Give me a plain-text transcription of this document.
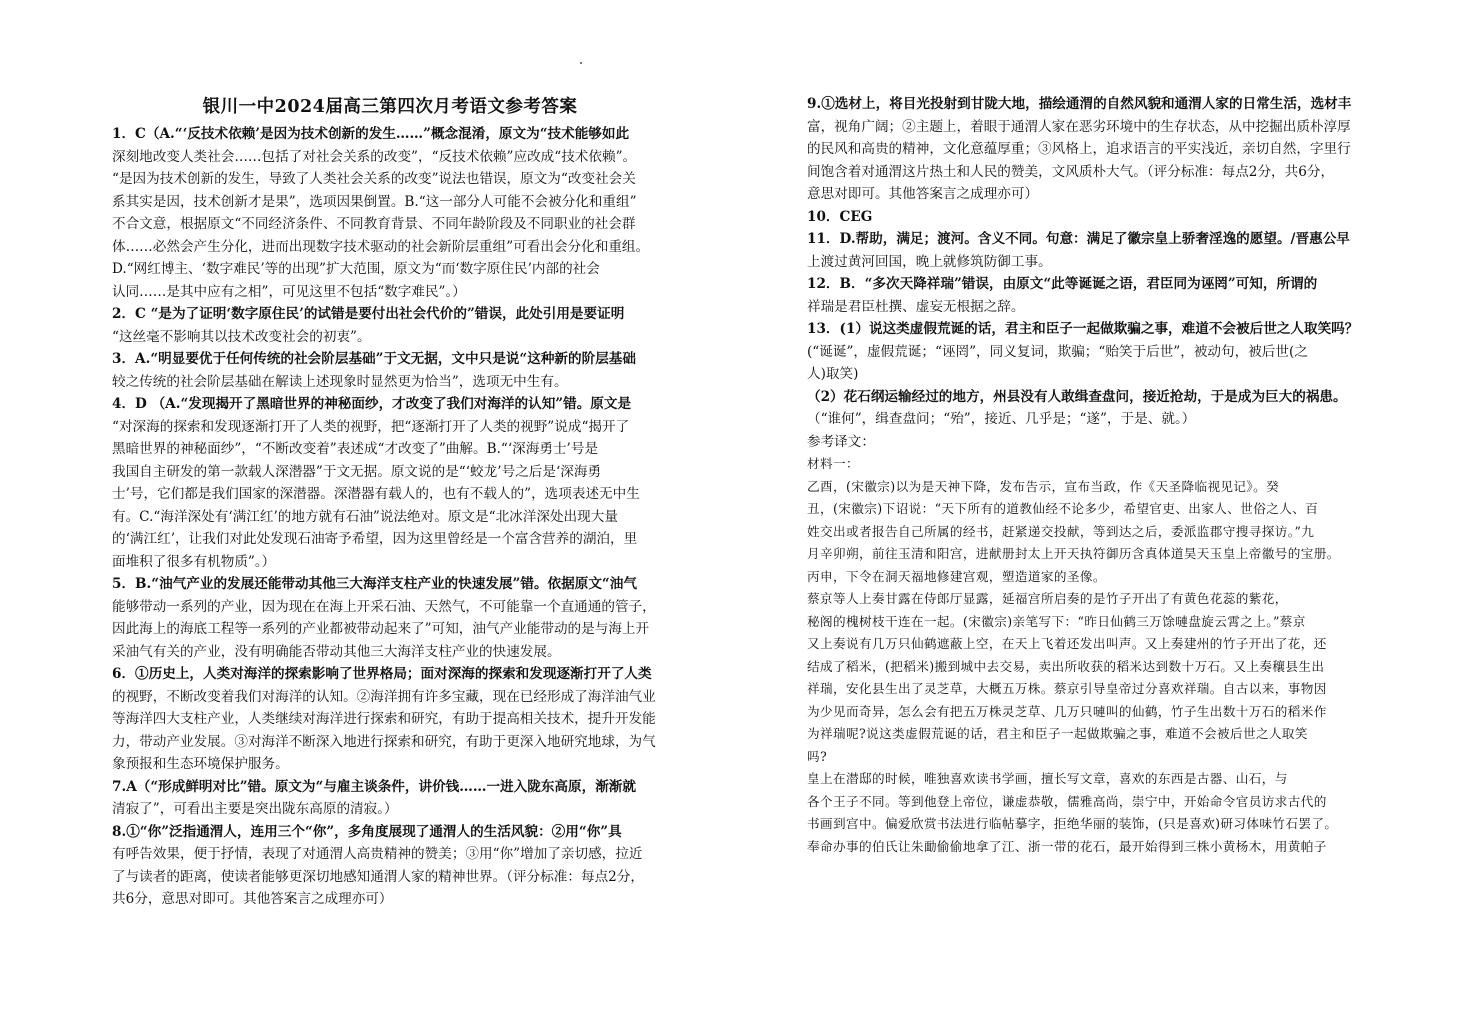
银川一中2024届高三第四次月考语文参考答案
1．C（A.“‘反技术依赖’是因为技术创新的发生……”概念混淆，原文为“技术能够如此
深刻地改变人类社会……包括了对社会关系的改变”，“反技术依赖”应改成“技术依赖”。
“是因为技术创新的发生，导致了人类社会关系的改变”说法也错误，原文为“改变社会关
系其实是因，技术创新才是果”，选项因果倒置。B.“这一部分人可能不会被分化和重组”
不合文意，根据原文“不同经济条件、不同教育背景、不同年龄阶段及不同职业的社会群
体……必然会产生分化，进而出现数字技术驱动的社会新阶层重组”可看出会分化和重组。
D.“网红博主、‘数字难民’等的出现”扩大范围，原文为“而‘数字原住民’内部的社会
认同……是其中应有之相”，可见这里不包括“数字难民”。）
2．C “是为了证明‘数字原住民’的试错是要付出社会代价的”错误，此处引用是要证明
“这丝毫不影响其以技术改变社会的初衷”。
3．A.“明显要优于任何传统的社会阶层基础”于文无据，文中只是说“这种新的阶层基础
较之传统的社会阶层基础在解读上述现象时显然更为恰当”，选项无中生有。
4．D （A.“发现揭开了黑暗世界的神秘面纱，才改变了我们对海洋的认知”错。原文是
“对深海的探索和发现逐渐打开了人类的视野，把“逐渐打开了人类的视野”说成“揭开了
黑暗世界的神秘面纱”，“不断改变着”表述成“才改变了”曲解。B.“‘深海勇士’号是
我国自主研发的第一款载人深潜器”于文无据。原文说的是“‘蛟龙’号之后是‘深海勇
士’号，它们都是我们国家的深潜器。深潜器有载人的，也有不载人的”，选项表述无中生
有。C.“海洋深处有‘满江红’的地方就有石油”说法绝对。原文是“北冰洋深处出现大量
的‘满江红’，让我们对此处发现石油寄予希望，因为这里曾经是一个富含营养的湖泊，里
面堆积了很多有机物质”。）
5．B.“油气产业的发展还能带动其他三大海洋支柱产业的快速发展”错。依据原文“油气
能够带动一系列的产业，因为现在在海上开采石油、天然气，不可能靠一个直通通的管子，
因此海上的海底工程等一系列的产业都被带动起来了”可知，油气产业能带动的是与海上开
采油气有关的产业，没有明确能否带动其他三大海洋支柱产业的快速发展。
6．①历史上，人类对海洋的探索影响了世界格局；面对深海的探索和发现逐渐打开了人类
的视野，不断改变着我们对海洋的认知。②海洋拥有许多宝藏，现在已经形成了海洋油气业
等海洋四大支柱产业，人类继续对海洋进行探索和研究，有助于提高相关技术，提升开发能
力，带动产业发展。③对海洋不断深入地进行探索和研究，有助于更深入地研究地球，为气
象预报和生态环境保护服务。
7.A（“形成鲜明对比”错。原文为“与雇主谈条件，讲价钱……一进入陇东高原，渐渐就
清寂了”，可看出主要是突出陇东高原的清寂。）
8.①“你”泛指通渭人，连用三个“你”，多角度展现了通渭人的生活风貌：②用“你”具
有呼告效果，便于抒情，表现了对通渭人高贵精神的赞美；③用“你”增加了亲切感，拉近
了与读者的距离，使读者能够更深切地感知通渭人家的精神世界。（评分标准：每点2分，
共6分，意思对即可。其他答案言之成理亦可）
9.①选材上，将目光投射到甘陇大地，描绘通渭的自然风貌和通渭人家的日常生活，选材丰
富，视角广阔；②主题上，着眼于通渭人家在恶劣环境中的生存状态，从中挖掘出质朴淳厚
的民风和高贵的精神，文化意蕴厚重；③风格上，追求语言的平实浅近，亲切自然，字里行
间饱含着对通渭这片热土和人民的赞美，文风质朴大气。（评分标准：每点2分，共6分，
意思对即可。其他答案言之成理亦可）
10．CEG
11．D.帮助，满足；渡河。含义不同。句意：满足了徽宗皇上骄奢淫逸的愿望。/晋惠公早
上渡过黄河回国，晚上就修筑防御工事。
12．B．“多次天降祥瑞”错误，由原文“此等诞诞之语，君臣同为诬罔”可知，所谓的
祥瑞是君臣杜撰、虚妄无根据之辞。
13．(1）说这类虚假荒诞的话，君主和臣子一起做欺骗之事，难道不会被后世之人取笑吗？
(“诞诞”，虚假荒诞；“诬罔”，同义复词，欺骗；“贻笑于后世”，被动句，被后世(之
人)取笑)
（2）花石纲运输经过的地方，州县没有人敢缉查盘问，接近抢劫，于是成为巨大的祸患。
（“谁何”，缉查盘问；“殆”，接近、几乎是；“遂”，于是、就。）
参考译文：
材料一：
乙酉，(宋徽宗)以为是天神下降，发布告示，宣布当政，作《天圣降临视见记》。癸
丑，(宋徽宗)下诏说：“天下所有的道教仙经不论多少，希望官吏、出家人、世俗之人、百
姓交出或者报告自己所属的经书，赶紧递交投献，等到达之后，委派监郡守搜寻探访。”九
月辛卯朔，前往玉清和阳宫，进献册封太上开天执符御历含真体道昊天玉皇上帝徽号的宝册。
丙申，下令在洞天福地修建宫观，塑造道家的圣像。
蔡京等人上奏甘露在侍郎厅显露，延福宫所启奏的是竹子开出了有黄色花蕊的紫花，
秘阁的槐树枝干连在一起。(宋徽宗)亲笔写下：“昨日仙鹤三万馀嗹盘旋云霄之上。”蔡京
又上奏说有几万只仙鹤遮蔽上空，在天上飞着还发出叫声。又上奏建州的竹子开出了花，还
结成了稻米，(把稻米)搬到城中去交易，卖出所收获的稻米达到数十万石。又上奏穰县生出
祥瑞，安化县生出了灵芝草，大概五万株。蔡京引导皇帝过分喜欢祥瑞。自古以来，事物因
为少见而奇异，怎么会有把五万株灵芝草、几万只嗹叫的仙鹤，竹子生出数十万石的稻米作
为祥瑞呢?说这类虚假荒诞的话，君主和臣子一起做欺骗之事，难道不会被后世之人取笑
吗?
皇上在潜邸的时候，唯独喜欢读书学画，擅长写文章，喜欢的东西是古器、山石，与
各个王子不同。等到他登上帝位，谦虚恭敬，儒雅高尚，崇宁中，开始命令官员访求古代的
书画到宫中。偏爱欣赏书法进行临帖摹字，拒绝华丽的装饰，(只是喜欢)研习体味竹石罢了。
奉命办事的伯氏让朱勔偷偷地拿了江、浙一带的花石，最开始得到三株小黄杨木，用黄帕子
